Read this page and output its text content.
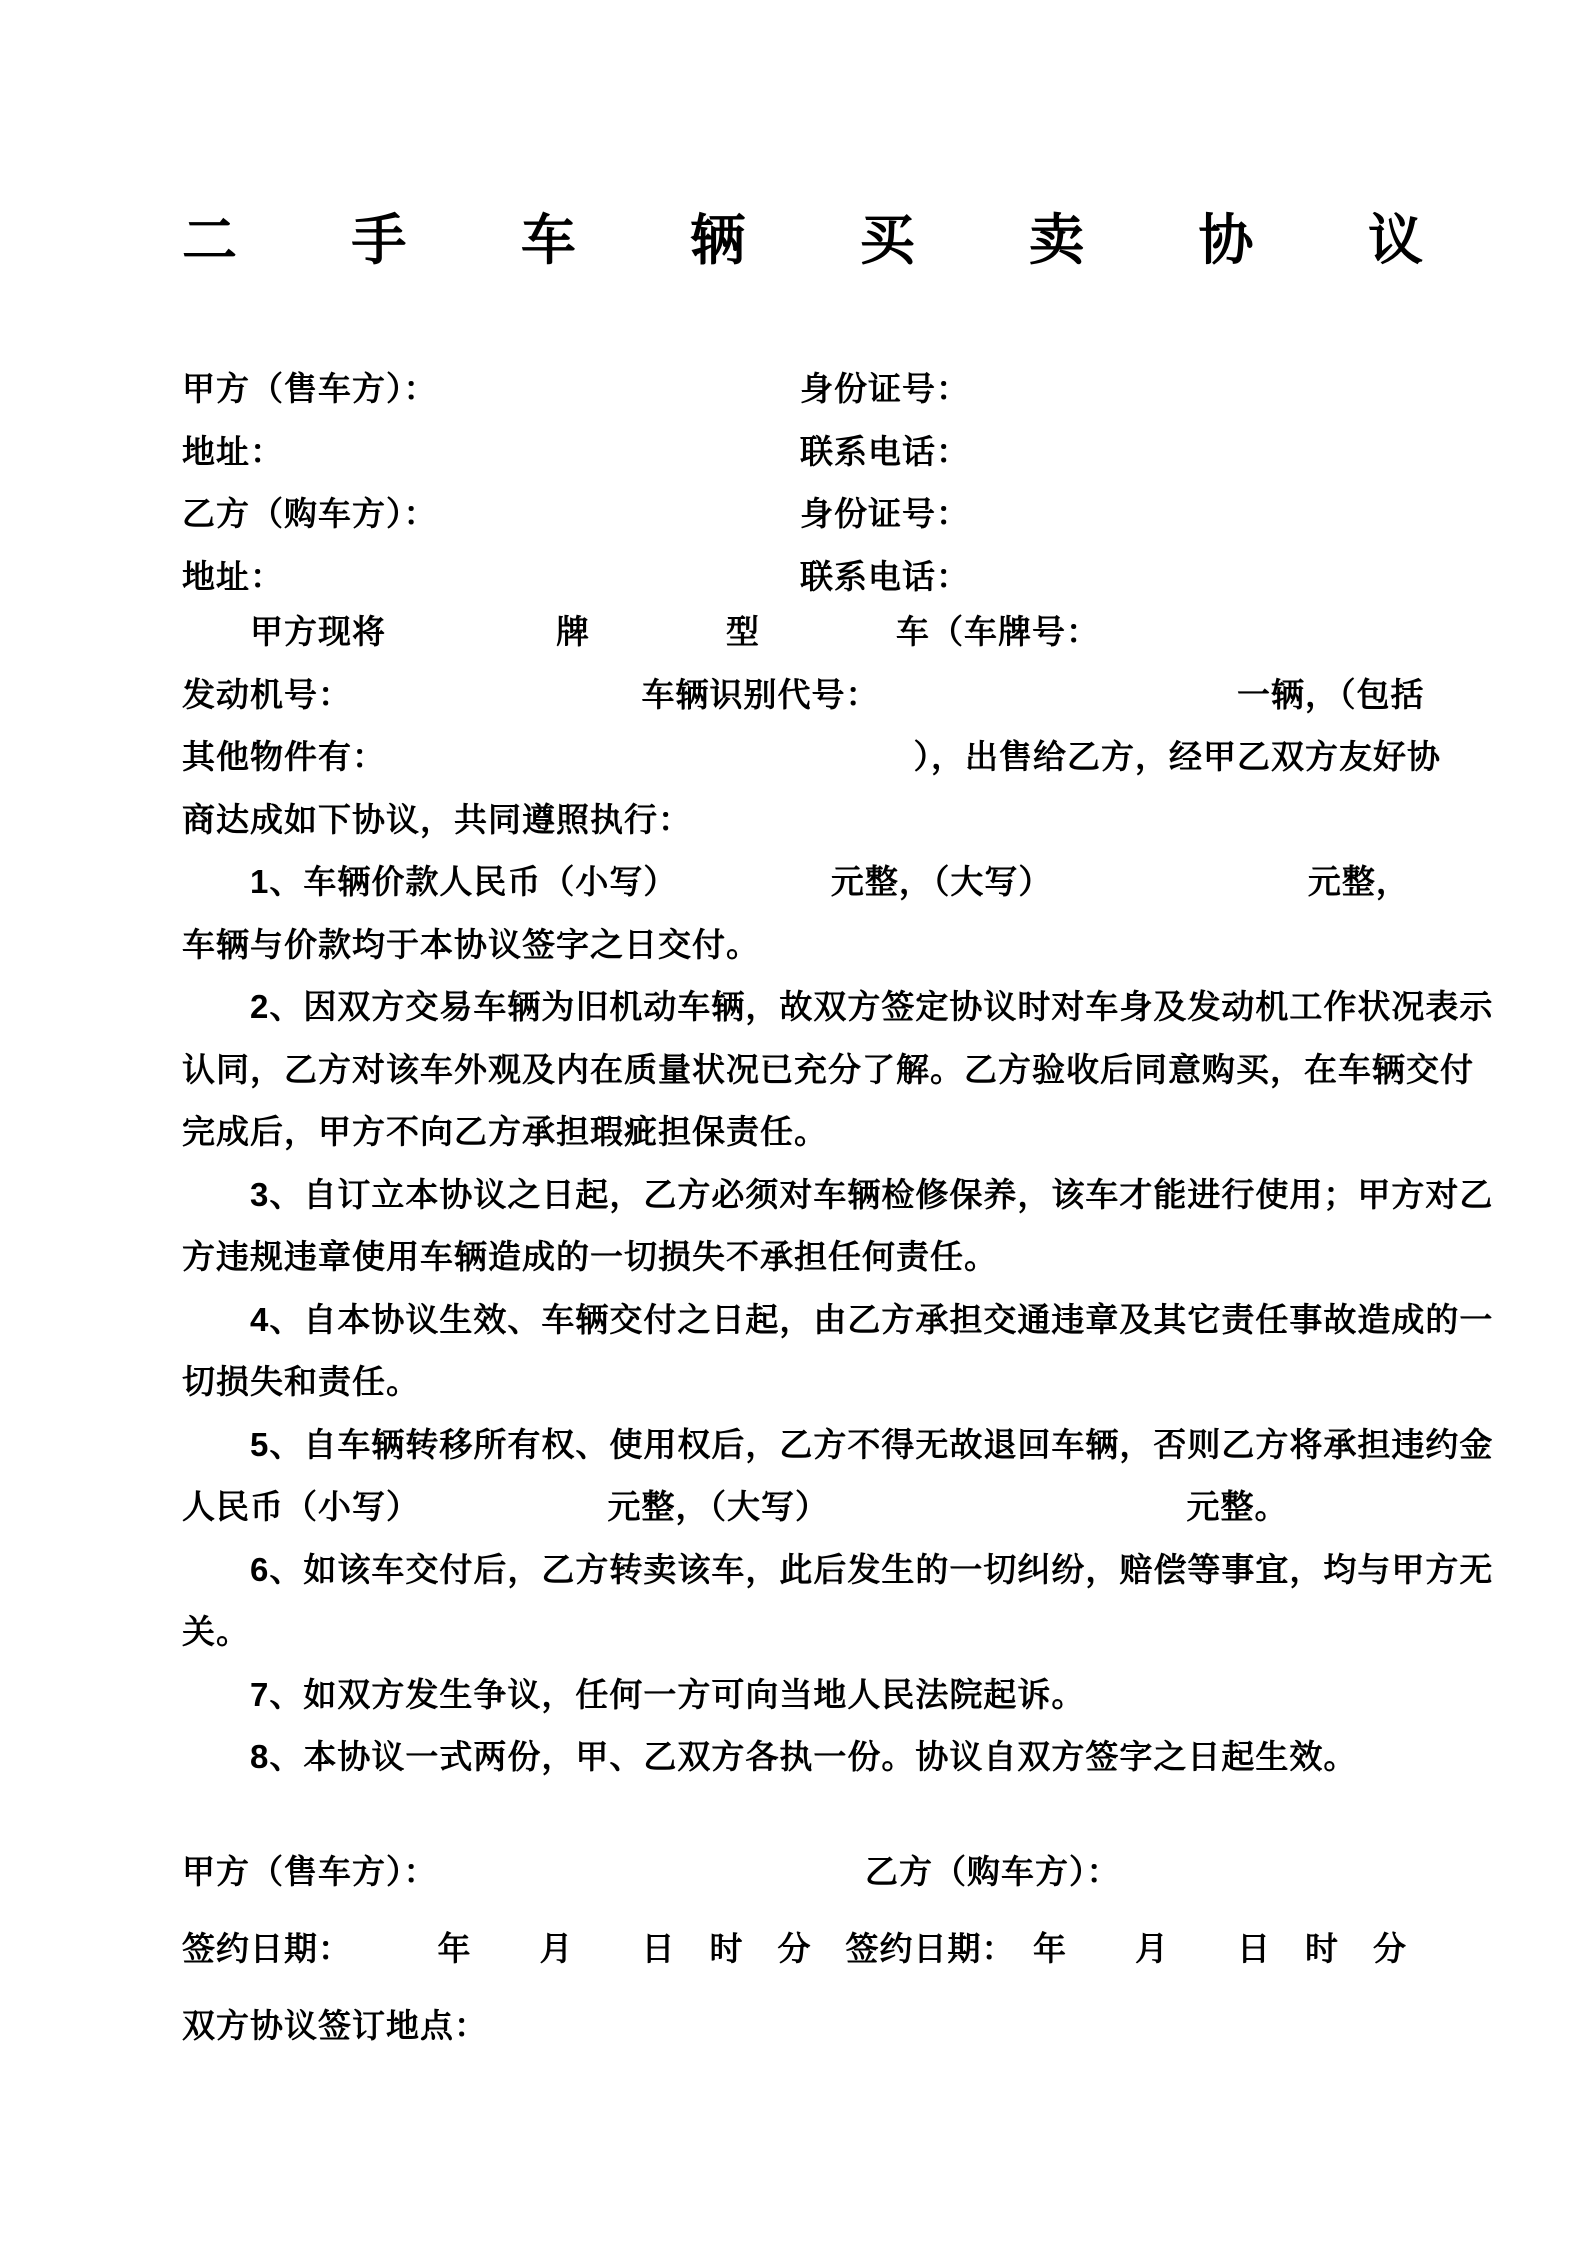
二 手 车 辆 买 卖 协 议
甲方（售车方）：	身份证号：
地址：	联系电话：
乙方（购车方）：	身份证号：
地址：	联系电话：
　　甲方现将　　　　　牌　　　　型　　　　车（车牌号：
发动机号：　　　　　　　　　车辆识别代号：　　　　　　　　　　　一辆，（包括
其他物件有：　　　　　　　　　　　　　　　　），出售给乙方，经甲乙双方友好协
商达成如下协议，共同遵照执行：
　　1、车辆价款人民币（小写）　　　　　元整，（大写）　　　　　　　　元整，
车辆与价款均于本协议签字之日交付。
　　2、因双方交易车辆为旧机动车辆，故双方签定协议时对车身及发动机工作状况表示
认同，乙方对该车外观及内在质量状况已充分了解。乙方验收后同意购买，在车辆交付
完成后，甲方不向乙方承担瑕疵担保责任。
　　3、自订立本协议之日起，乙方必须对车辆检修保养，该车才能进行使用；甲方对乙
方违规违章使用车辆造成的一切损失不承担任何责任。
　　4、自本协议生效、车辆交付之日起，由乙方承担交通违章及其它责任事故造成的一
切损失和责任。
　　5、自车辆转移所有权、使用权后，乙方不得无故退回车辆，否则乙方将承担违约金
人民币（小写）　　　　　　元整，（大写）　　　　　　　　　　　元整。
　　6、如该车交付后，乙方转卖该车，此后发生的一切纠纷，赔偿等事宜，均与甲方无
关。
　　7、如双方发生争议，任何一方可向当地人民法院起诉。
　　8、本协议一式两份，甲、乙双方各执一份。协议自双方签字之日起生效。
甲方（售车方）：	乙方（购车方）：
签约日期：　　　年　　月　　日　时　分　签约日期：　年　　月　　日　时　分
双方协议签订地点：
